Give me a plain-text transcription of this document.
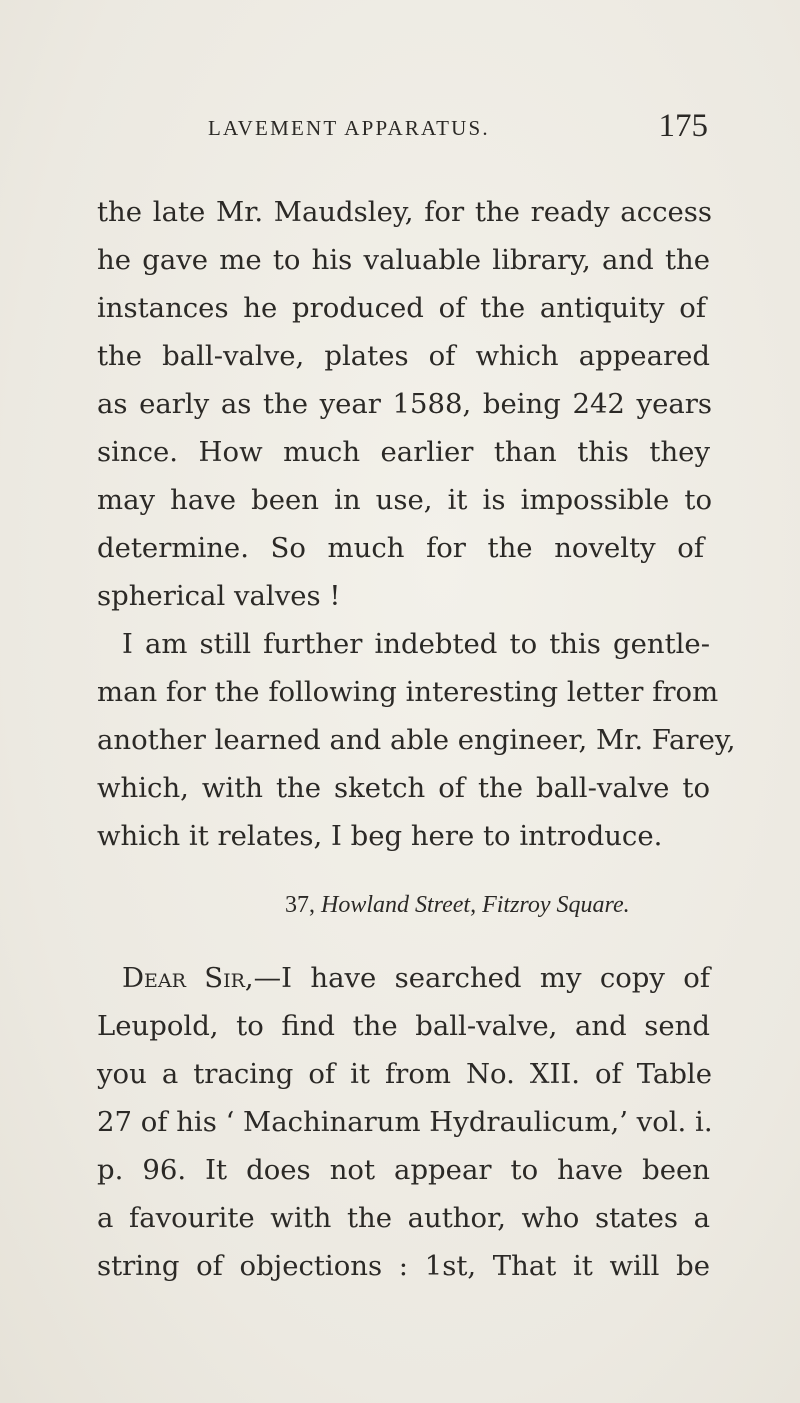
LAVEMENT APPARATUS.	175
the late Mr. Maudsley, for the ready access
he gave me to his valuable library, and the
instances he produced of the antiquity of
the ball-valve, plates of which appeared
as early as the year 1588, being 242 years
since. How much earlier than this they
may have been in use, it is impossible to
determine. So much for the novelty of
spherical valves !
I am still further indebted to this gentle-
man for the following interesting letter from
another learned and able engineer, Mr. Farey,
which, with the sketch of the ball-valve to
which it relates, I beg here to introduce.
37, Howland Street, Fitzroy Square.
Dear Sir,—I have searched my copy of
Leupold, to find the ball-valve, and send
you a tracing of it from No. XII. of Table
27 of his ‘ Machinarum Hydraulicum,’ vol. i.
p. 96. It does not appear to have been
a favourite with the author, who states a
string of objections : 1st, That it will be
